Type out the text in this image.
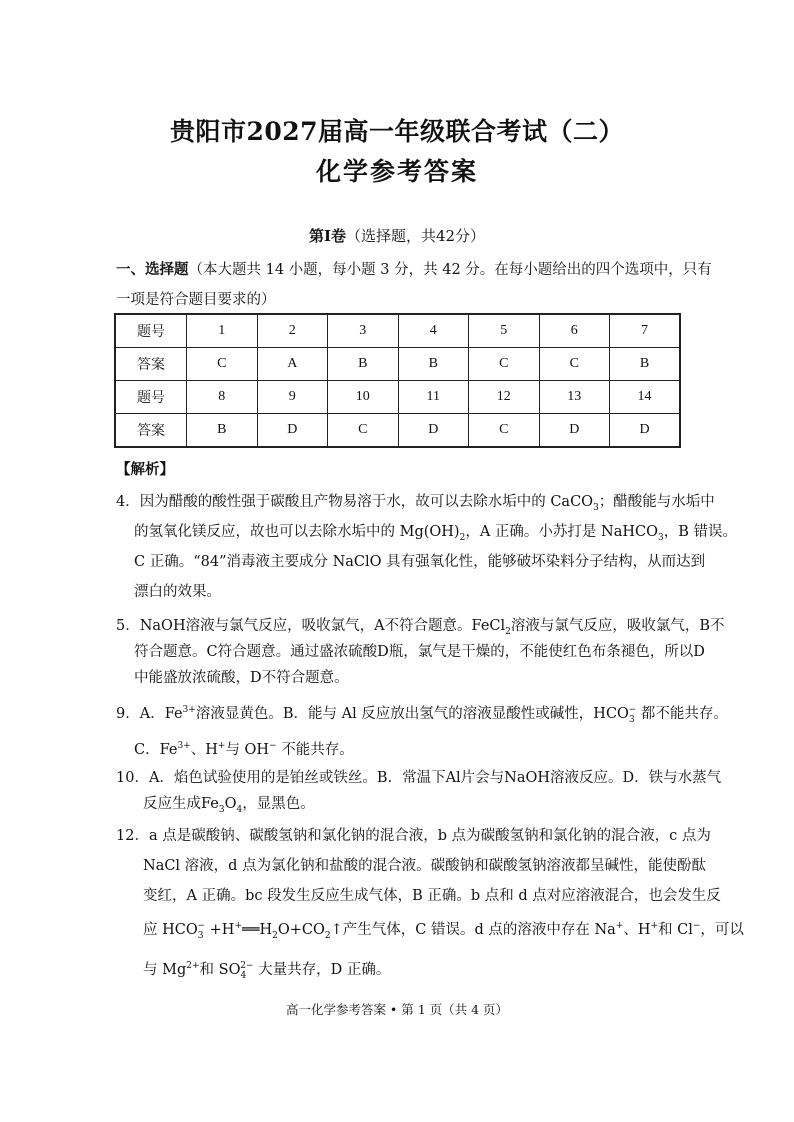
贵阳市2027届高一年级联合考试（二）
化学参考答案
第Ⅰ卷（选择题，共42分）
一、选择题（本大题共 14 小题，每小题 3 分，共 42 分。在每小题给出的四个选项中，只有
一项是符合题目要求的）
题号	1	2	3	4	5	6	7
答案	C	A	B	B	C	C	B
题号	8	9	10	11	12	13	14
答案	B	D	C	D	C	D	D
【解析】
4．因为醋酸的酸性强于碳酸且产物易溶于水，故可以去除水垢中的 CaCO$_3$；醋酸能与水垢中
的氢氧化镁反应，故也可以去除水垢中的 $Mg(OH)_2$，A 正确。小苏打是 NaHCO$_3$，B 错误。
C 正确。“84”消毒液主要成分 NaClO 具有强氧化性，能够破坏染料分子结构，从而达到
漂白的效果。
5．NaOH溶液与氯气反应，吸收氯气，A不符合题意。FeCl$_2$溶液与氯气反应，吸收氯气，B不
符合题意。C符合题意。通过盛浓硫酸D瓶，氯气是干燥的，不能使红色布条褪色，所以D
中能盛放浓硫酸，D不符合题意。
9．A．$Fe^{3+}$溶液显黄色。B．能与 Al 反应放出氢气的溶液显酸性或碱性，$HCO_3^-$ 都不能共存。
C．$Fe^{3+}$、H+与 OH− 不能共存。
10．A．焰色试验使用的是铂丝或铁丝。B．常温下Al片会与NaOH溶液反应。D．铁与水蒸气
反应生成$Fe_3O_4$，显黑色。
12．a 点是碳酸钠、碳酸氢钠和氯化钠的混合液，b 点为碳酸氢钠和氯化钠的混合液，c 点为
NaCl 溶液，d 点为氯化钠和盐酸的混合液。碳酸钠和碳酸氢钠溶液都呈碱性，能使酚酞
变红，A 正确。bc 段发生反应生成气体，B 正确。b 点和 d 点对应溶液混合，也会发生反
应 $HCO_3^-$ $+H^+══H_2O+CO_2↑$产生气体，C 错误。d 点的溶液中存在 Na+、H+和 Cl−，可以
与 $Mg^{2+}$和 $SO_4^{2-}$ 大量共存，D 正确。
高一化学参考答案 • 第 1 页（共 4 页）
